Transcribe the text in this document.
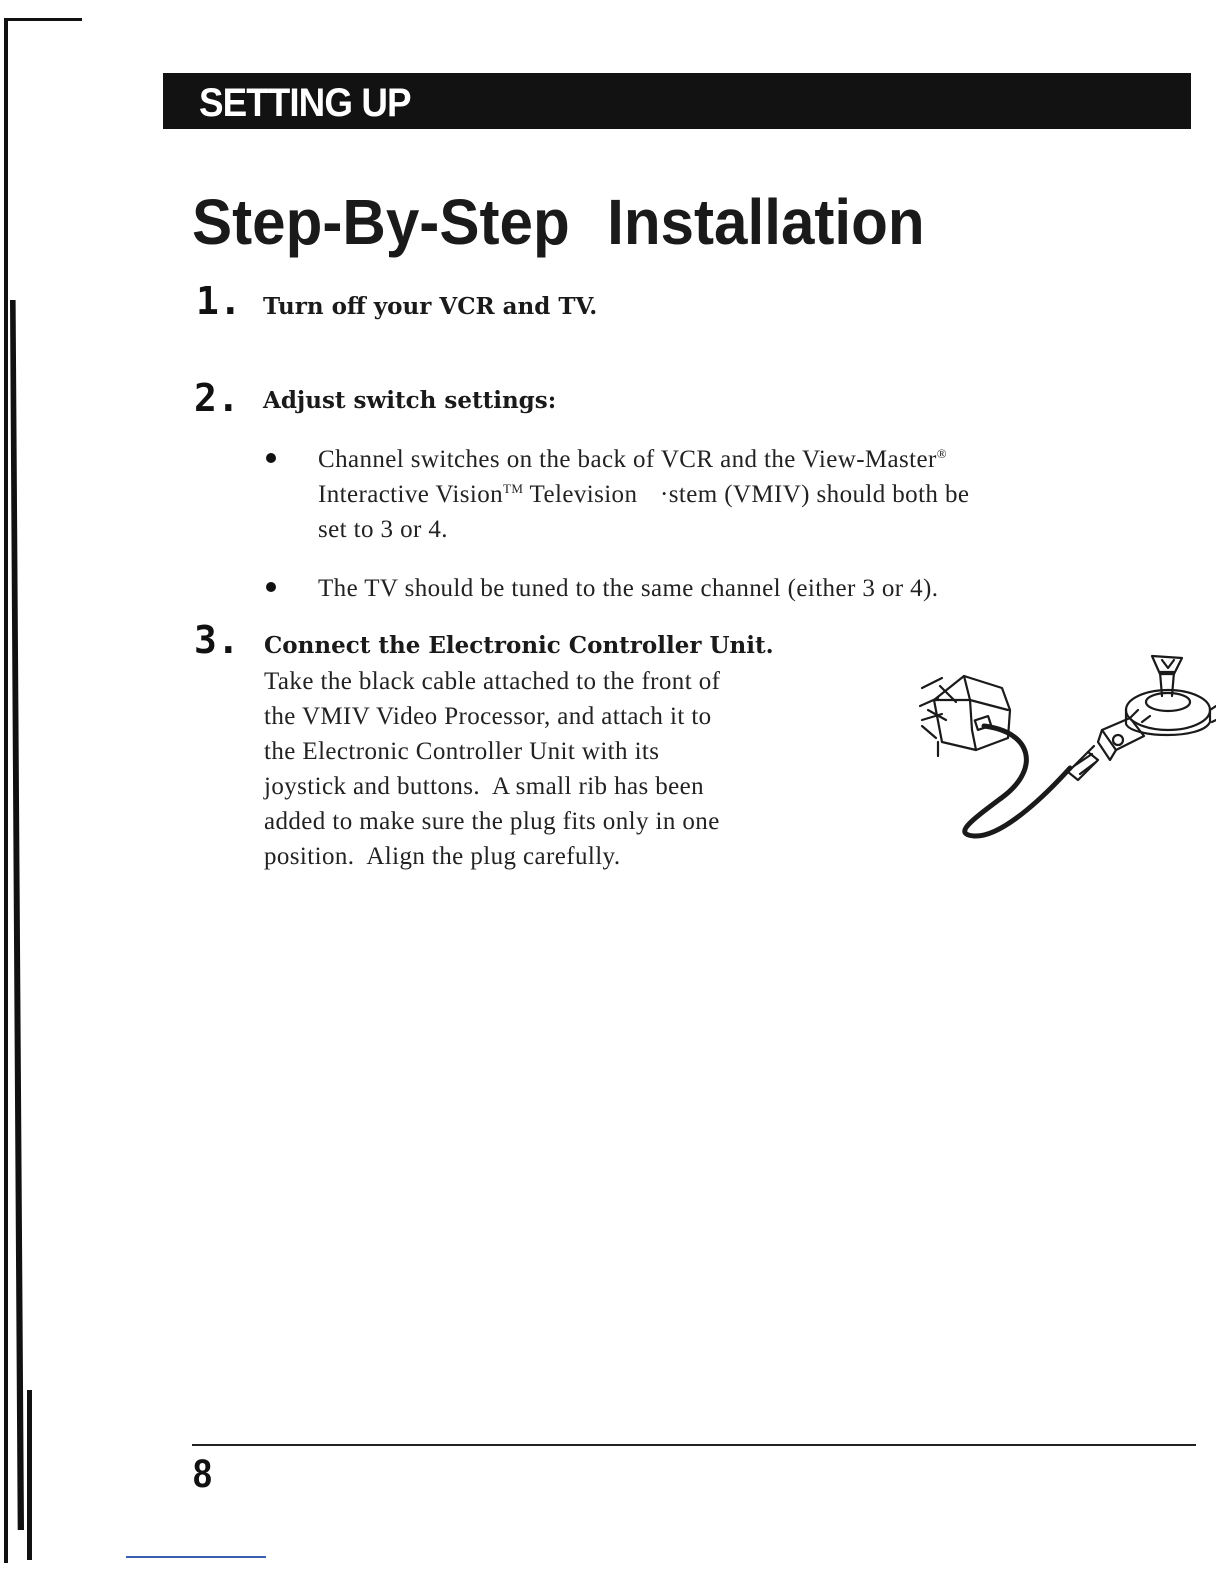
SETTING UP
Step-By-Step Installation
1. Turn off your VCR and TV.
2. Adjust switch settings:
Channel switches on the back of VCR and the View-Master®
Interactive Vision™ Television ·stem (VMIV) should both be
set to 3 or 4.
The TV should be tuned to the same channel (either 3 or 4).
3. Connect the Electronic Controller Unit.
Take the black cable attached to the front of
the VMIV Video Processor, and attach it to
the Electronic Controller Unit with its
joystick and buttons.  A small rib has been
added to make sure the plug fits only in one
position.  Align the plug carefully.
8
